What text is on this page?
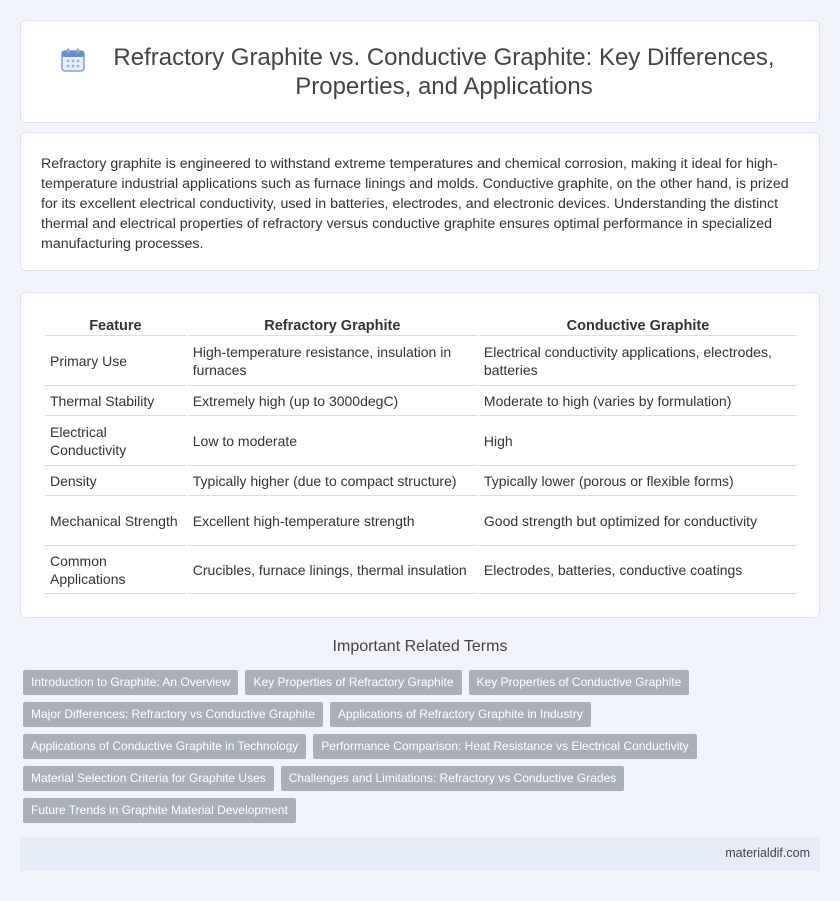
Refractory Graphite vs. Conductive Graphite: Key Differences, Properties, and Applications

Refractory graphite is engineered to withstand extreme temperatures and chemical corrosion, making it ideal for high-temperature industrial applications such as furnace linings and molds. Conductive graphite, on the other hand, is prized for its excellent electrical conductivity, used in batteries, electrodes, and electronic devices. Understanding the distinct thermal and electrical properties of refractory versus conductive graphite ensures optimal performance in specialized manufacturing processes.

Feature	Refractory Graphite	Conductive Graphite
Primary Use	High-temperature resistance, insulation in furnaces	Electrical conductivity applications, electrodes, batteries
Thermal Stability	Extremely high (up to 3000degC)	Moderate to high (varies by formulation)
Electrical Conductivity	Low to moderate	High
Density	Typically higher (due to compact structure)	Typically lower (porous or flexible forms)
Mechanical Strength	Excellent high-temperature strength	Good strength but optimized for conductivity
Common Applications	Crucibles, furnace linings, thermal insulation	Electrodes, batteries, conductive coatings
Important Related Terms
Introduction to Graphite: An Overview	Key Properties of Refractory Graphite	Key Properties of Conductive Graphite
Major Differences: Refractory vs Conductive Graphite	Applications of Refractory Graphite in Industry
Applications of Conductive Graphite in Technology	Performance Comparison: Heat Resistance vs Electrical Conductivity
Material Selection Criteria for Graphite Uses	Challenges and Limitations: Refractory vs Conductive Grades
Future Trends in Graphite Material Development
materialdif.com
